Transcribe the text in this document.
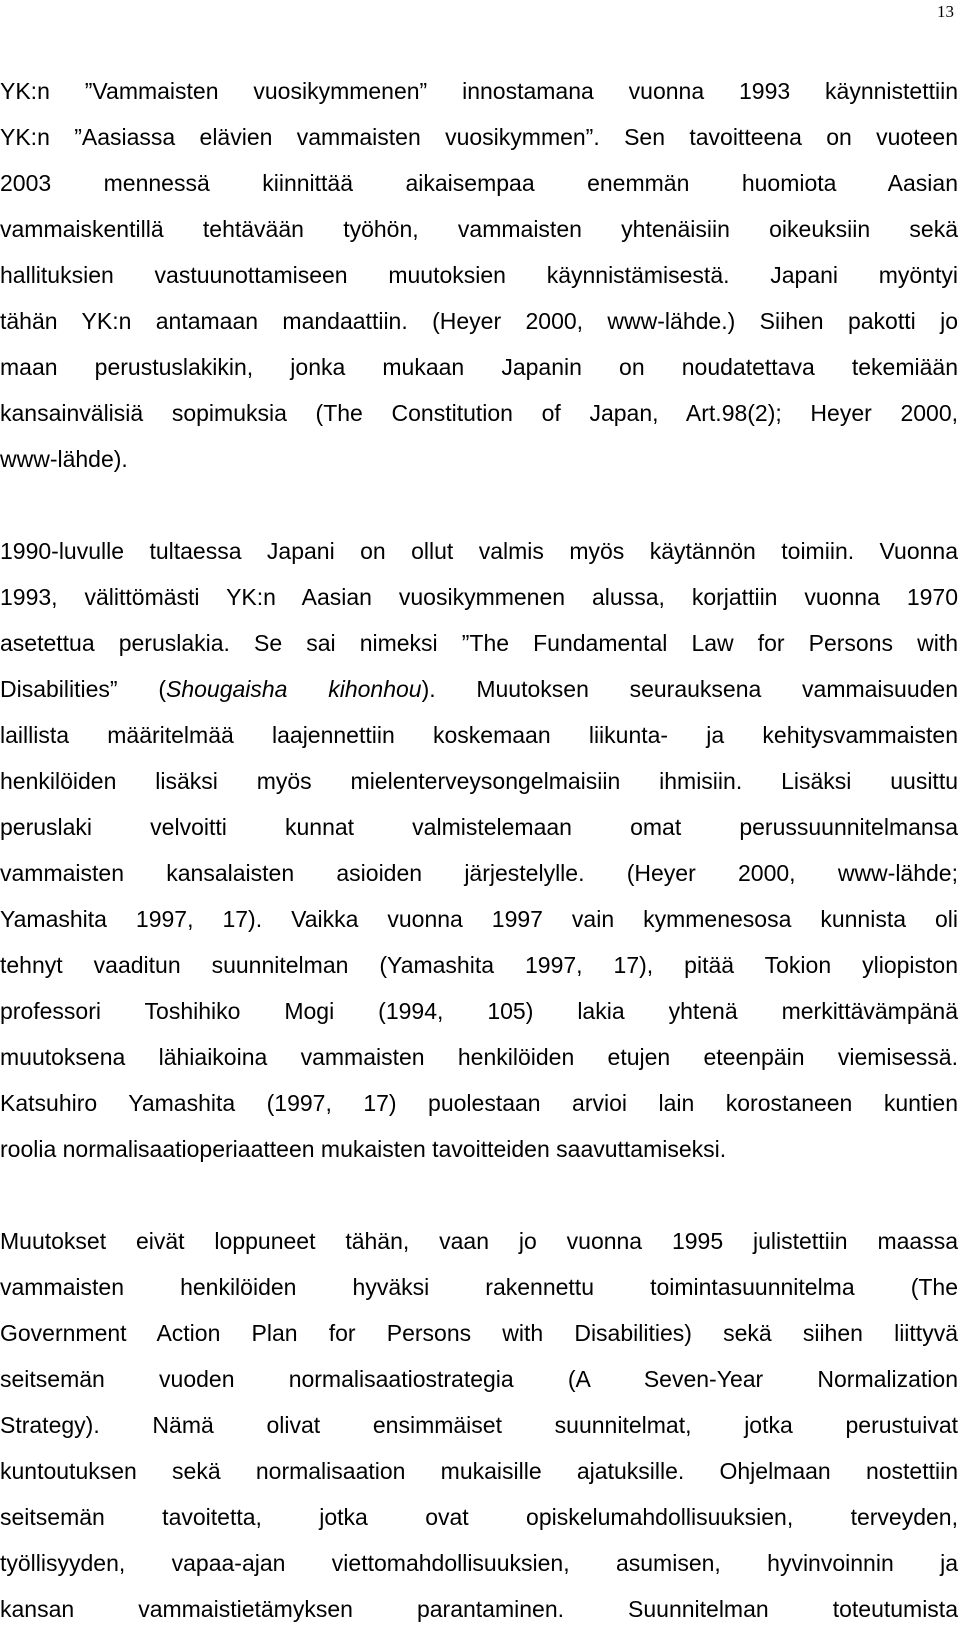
13
YK:n ”Vammaisten vuosikymmenen” innostamana vuonna 1993 käynnistettiin
YK:n ”Aasiassa elävien vammaisten vuosikymmen”. Sen tavoitteena on vuoteen
2003 mennessä kiinnittää aikaisempaa enemmän huomiota Aasian
vammaiskentillä tehtävään työhön, vammaisten yhtenäisiin oikeuksiin sekä
hallituksien vastuunottamiseen muutoksien käynnistämisestä. Japani myöntyi
tähän YK:n antamaan mandaattiin. (Heyer 2000, www-lähde.) Siihen pakotti jo
maan perustuslakikin, jonka mukaan Japanin on noudatettava tekemiään
kansainvälisiä sopimuksia (The Constitution of Japan, Art.98(2); Heyer 2000,
www-lähde).
1990-luvulle tultaessa Japani on ollut valmis myös käytännön toimiin. Vuonna
1993, välittömästi YK:n Aasian vuosikymmenen alussa, korjattiin vuonna 1970
asetettua peruslakia. Se sai nimeksi ”The Fundamental Law for Persons with
Disabilities” (Shougaisha kihonhou). Muutoksen seurauksena vammaisuuden
laillista määritelmää laajennettiin koskemaan liikunta- ja kehitysvammaisten
henkilöiden lisäksi myös mielenterveysongelmaisiin ihmisiin. Lisäksi uusittu
peruslaki velvoitti kunnat valmistelemaan omat perussuunnitelmansa
vammaisten kansalaisten asioiden järjestelylle. (Heyer 2000, www-lähde;
Yamashita 1997, 17). Vaikka vuonna 1997 vain kymmenesosa kunnista oli
tehnyt vaaditun suunnitelman (Yamashita 1997, 17), pitää Tokion yliopiston
professori Toshihiko Mogi (1994, 105) lakia yhtenä merkittävämpänä
muutoksena lähiaikoina vammaisten henkilöiden etujen eteenpäin viemisessä.
Katsuhiro Yamashita (1997, 17) puolestaan arvioi lain korostaneen kuntien
roolia normalisaatioperiaatteen mukaisten tavoitteiden saavuttamiseksi.
Muutokset eivät loppuneet tähän, vaan jo vuonna 1995 julistettiin maassa
vammaisten henkilöiden hyväksi rakennettu toimintasuunnitelma (The
Government Action Plan for Persons with Disabilities) sekä siihen liittyvä
seitsemän vuoden normalisaatiostrategia (A Seven-Year Normalization
Strategy). Nämä olivat ensimmäiset suunnitelmat, jotka perustuivat
kuntoutuksen sekä normalisaation mukaisille ajatuksille. Ohjelmaan nostettiin
seitsemän tavoitetta, jotka ovat opiskelumahdollisuuksien, terveyden,
työllisyyden, vapaa-ajan viettomahdollisuuksien, asumisen, hyvinvoinnin ja
kansan vammaistietämyksen parantaminen. Suunnitelman toteutumista
